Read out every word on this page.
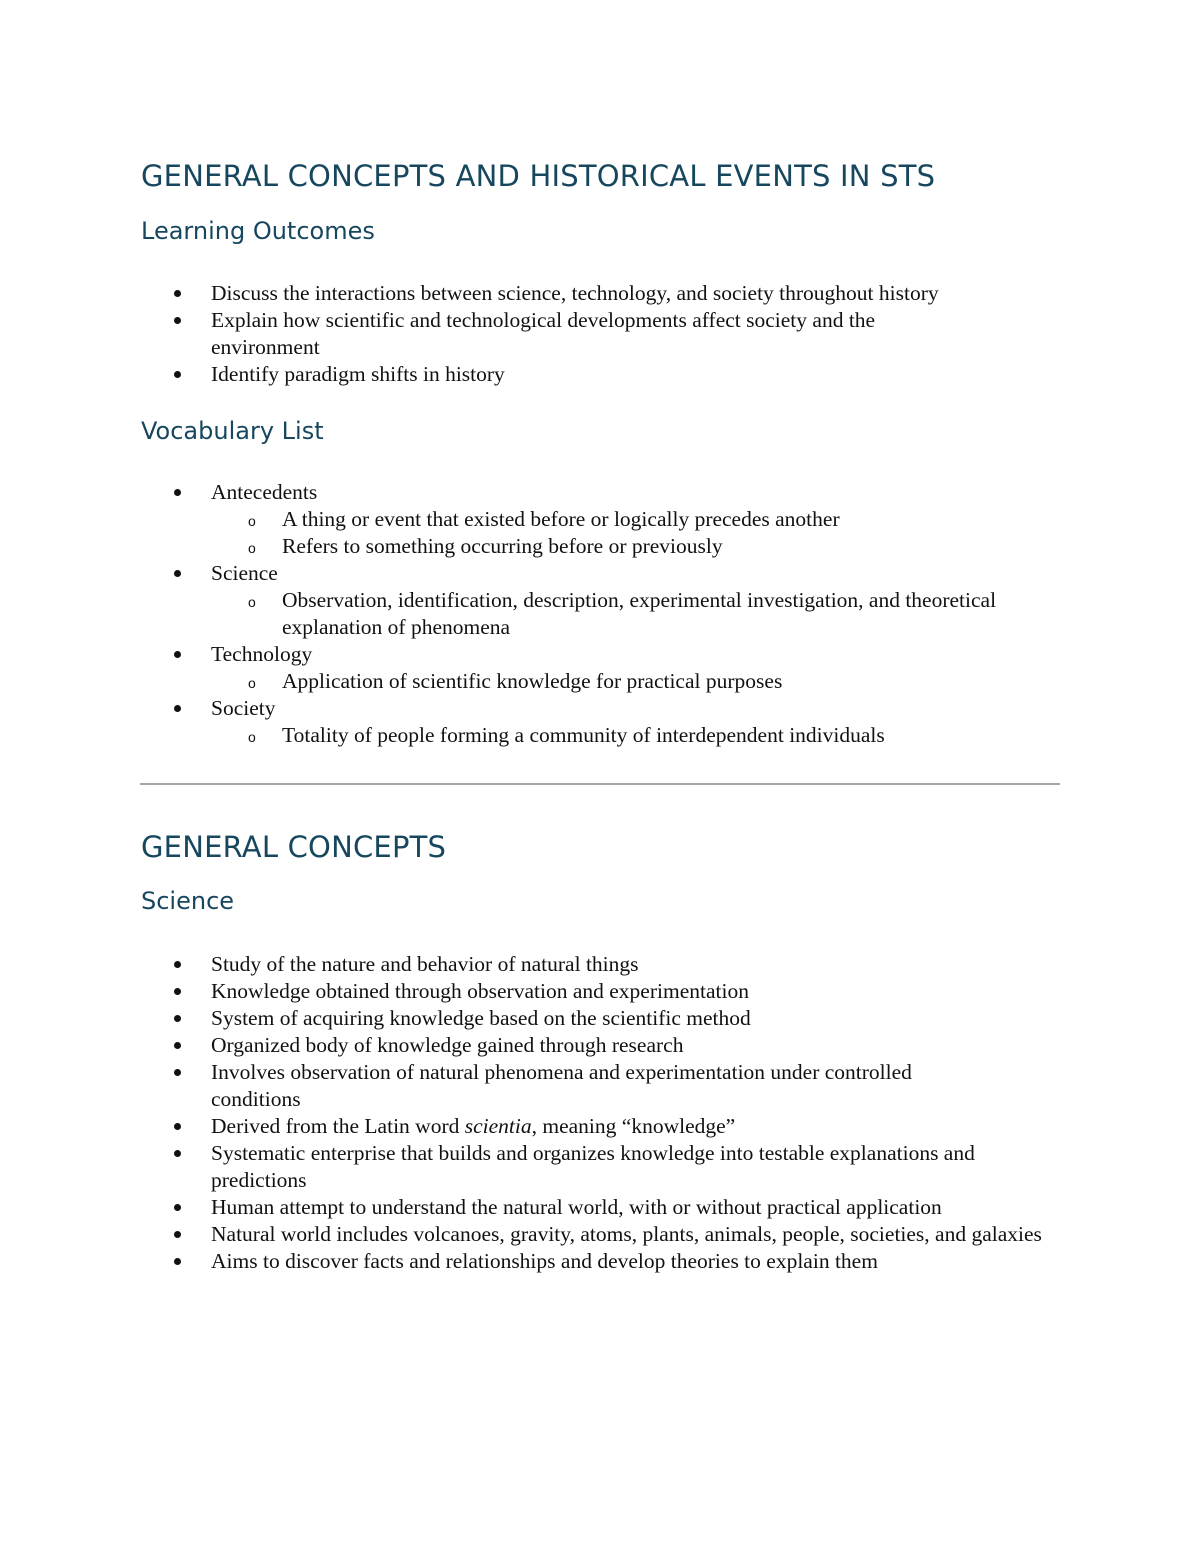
GENERAL CONCEPTS AND HISTORICAL EVENTS IN STS
Learning Outcomes
Discuss the interactions between science, technology, and society throughout history
Explain how scientific and technological developments affect society and the environment
Identify paradigm shifts in history
Vocabulary List
Antecedents
o A thing or event that existed before or logically precedes another
o Refers to something occurring before or previously
Science
o Observation, identification, description, experimental investigation, and theoretical explanation of phenomena
Technology
o Application of scientific knowledge for practical purposes
Society
o Totality of people forming a community of interdependent individuals
GENERAL CONCEPTS
Science
Study of the nature and behavior of natural things
Knowledge obtained through observation and experimentation
System of acquiring knowledge based on the scientific method
Organized body of knowledge gained through research
Involves observation of natural phenomena and experimentation under controlled conditions
Derived from the Latin word scientia, meaning “knowledge”
Systematic enterprise that builds and organizes knowledge into testable explanations and predictions
Human attempt to understand the natural world, with or without practical application
Natural world includes volcanoes, gravity, atoms, plants, animals, people, societies, and galaxies
Aims to discover facts and relationships and develop theories to explain them
